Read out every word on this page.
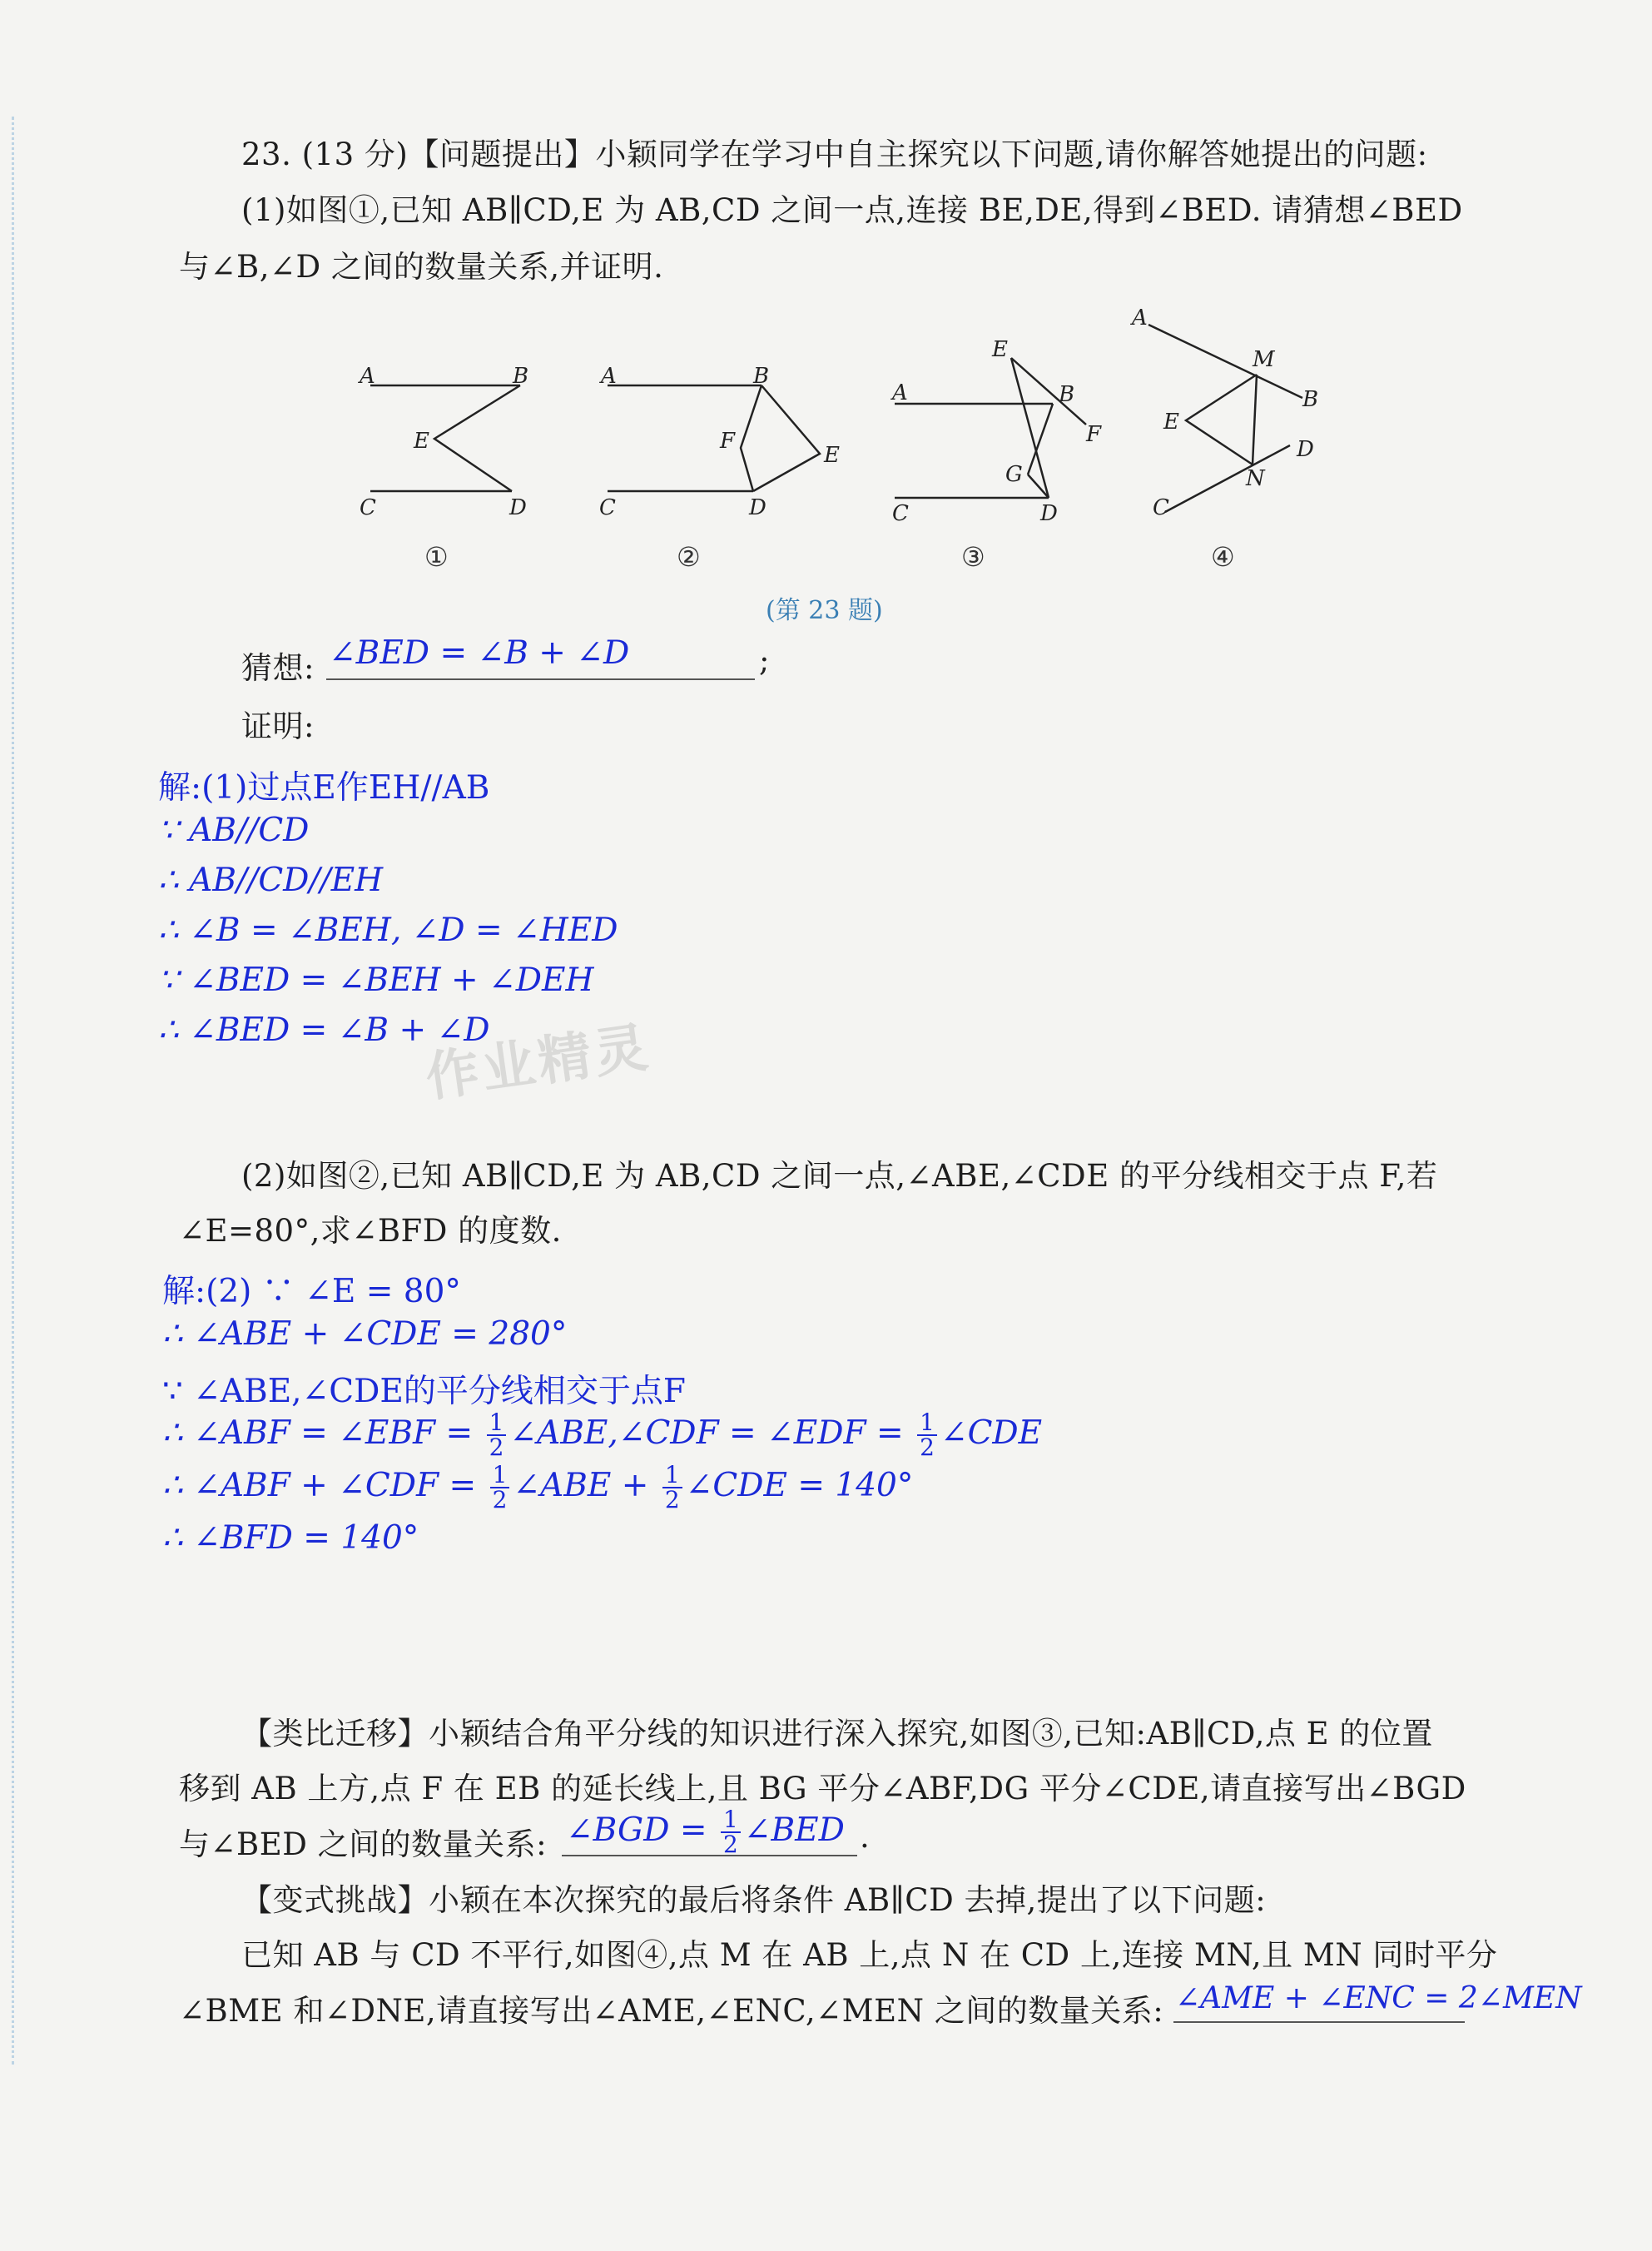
23. (13 分)【问题提出】小颖同学在学习中自主探究以下问题,请你解答她提出的问题:
(1)如图①,已知 AB∥CD,E 为 AB,CD 之间一点,连接 BE,DE,得到∠BED. 请猜想∠BED
与∠B,∠D 之间的数量关系,并证明.
A	B
E
C	D
A	B
F
E
C	D
E
B
A
F
G
C	D
A
M
B
E
D
N
C
①	②	③	④
(第 23 题)
猜想: ∠BED = ∠B + ∠D	;
证明:
解:(1)过点E作EH//AB
∵ AB//CD
∴ AB//CD//EH
∴ ∠B = ∠BEH, ∠D = ∠HED
∵ ∠BED = ∠BEH + ∠DEH
∴ ∠BED = ∠B + ∠D
作业精灵
(2)如图②,已知 AB∥CD,E 为 AB,CD 之间一点,∠ABE,∠CDE 的平分线相交于点 F,若
∠E=80°,求∠BFD 的度数.
解:(2) ∵ ∠E = 80°
∴ ∠ABE + ∠CDE = 280°
∵ ∠ABE,∠CDE的平分线相交于点F
∴ ∠ABF = ∠EBF = $\frac{1}{2}$ ∠ABE,∠CDF = ∠EDF = $\frac{1}{2}$ ∠CDE
∴ ∠ABF + ∠CDF = $\frac{1}{2}$ ∠ABE + $\frac{1}{2}$ ∠CDE = 140°
∴ ∠BFD = 140°
【类比迁移】小颖结合角平分线的知识进行深入探究,如图③,已知:AB∥CD,点 E 的位置
移到 AB 上方,点 F 在 EB 的延长线上,且 BG 平分∠ABF,DG 平分∠CDE,请直接写出∠BGD
与∠BED 之间的数量关系: ∠BGD = $\frac{1}{2}$ ∠BED .
【变式挑战】小颖在本次探究的最后将条件 AB∥CD 去掉,提出了以下问题:
已知 AB 与 CD 不平行,如图④,点 M 在 AB 上,点 N 在 CD 上,连接 MN,且 MN 同时平分
∠BME 和∠DNE,请直接写出∠AME,∠ENC,∠MEN 之间的数量关系: ∠AME + ∠ENC = 2∠MEN
